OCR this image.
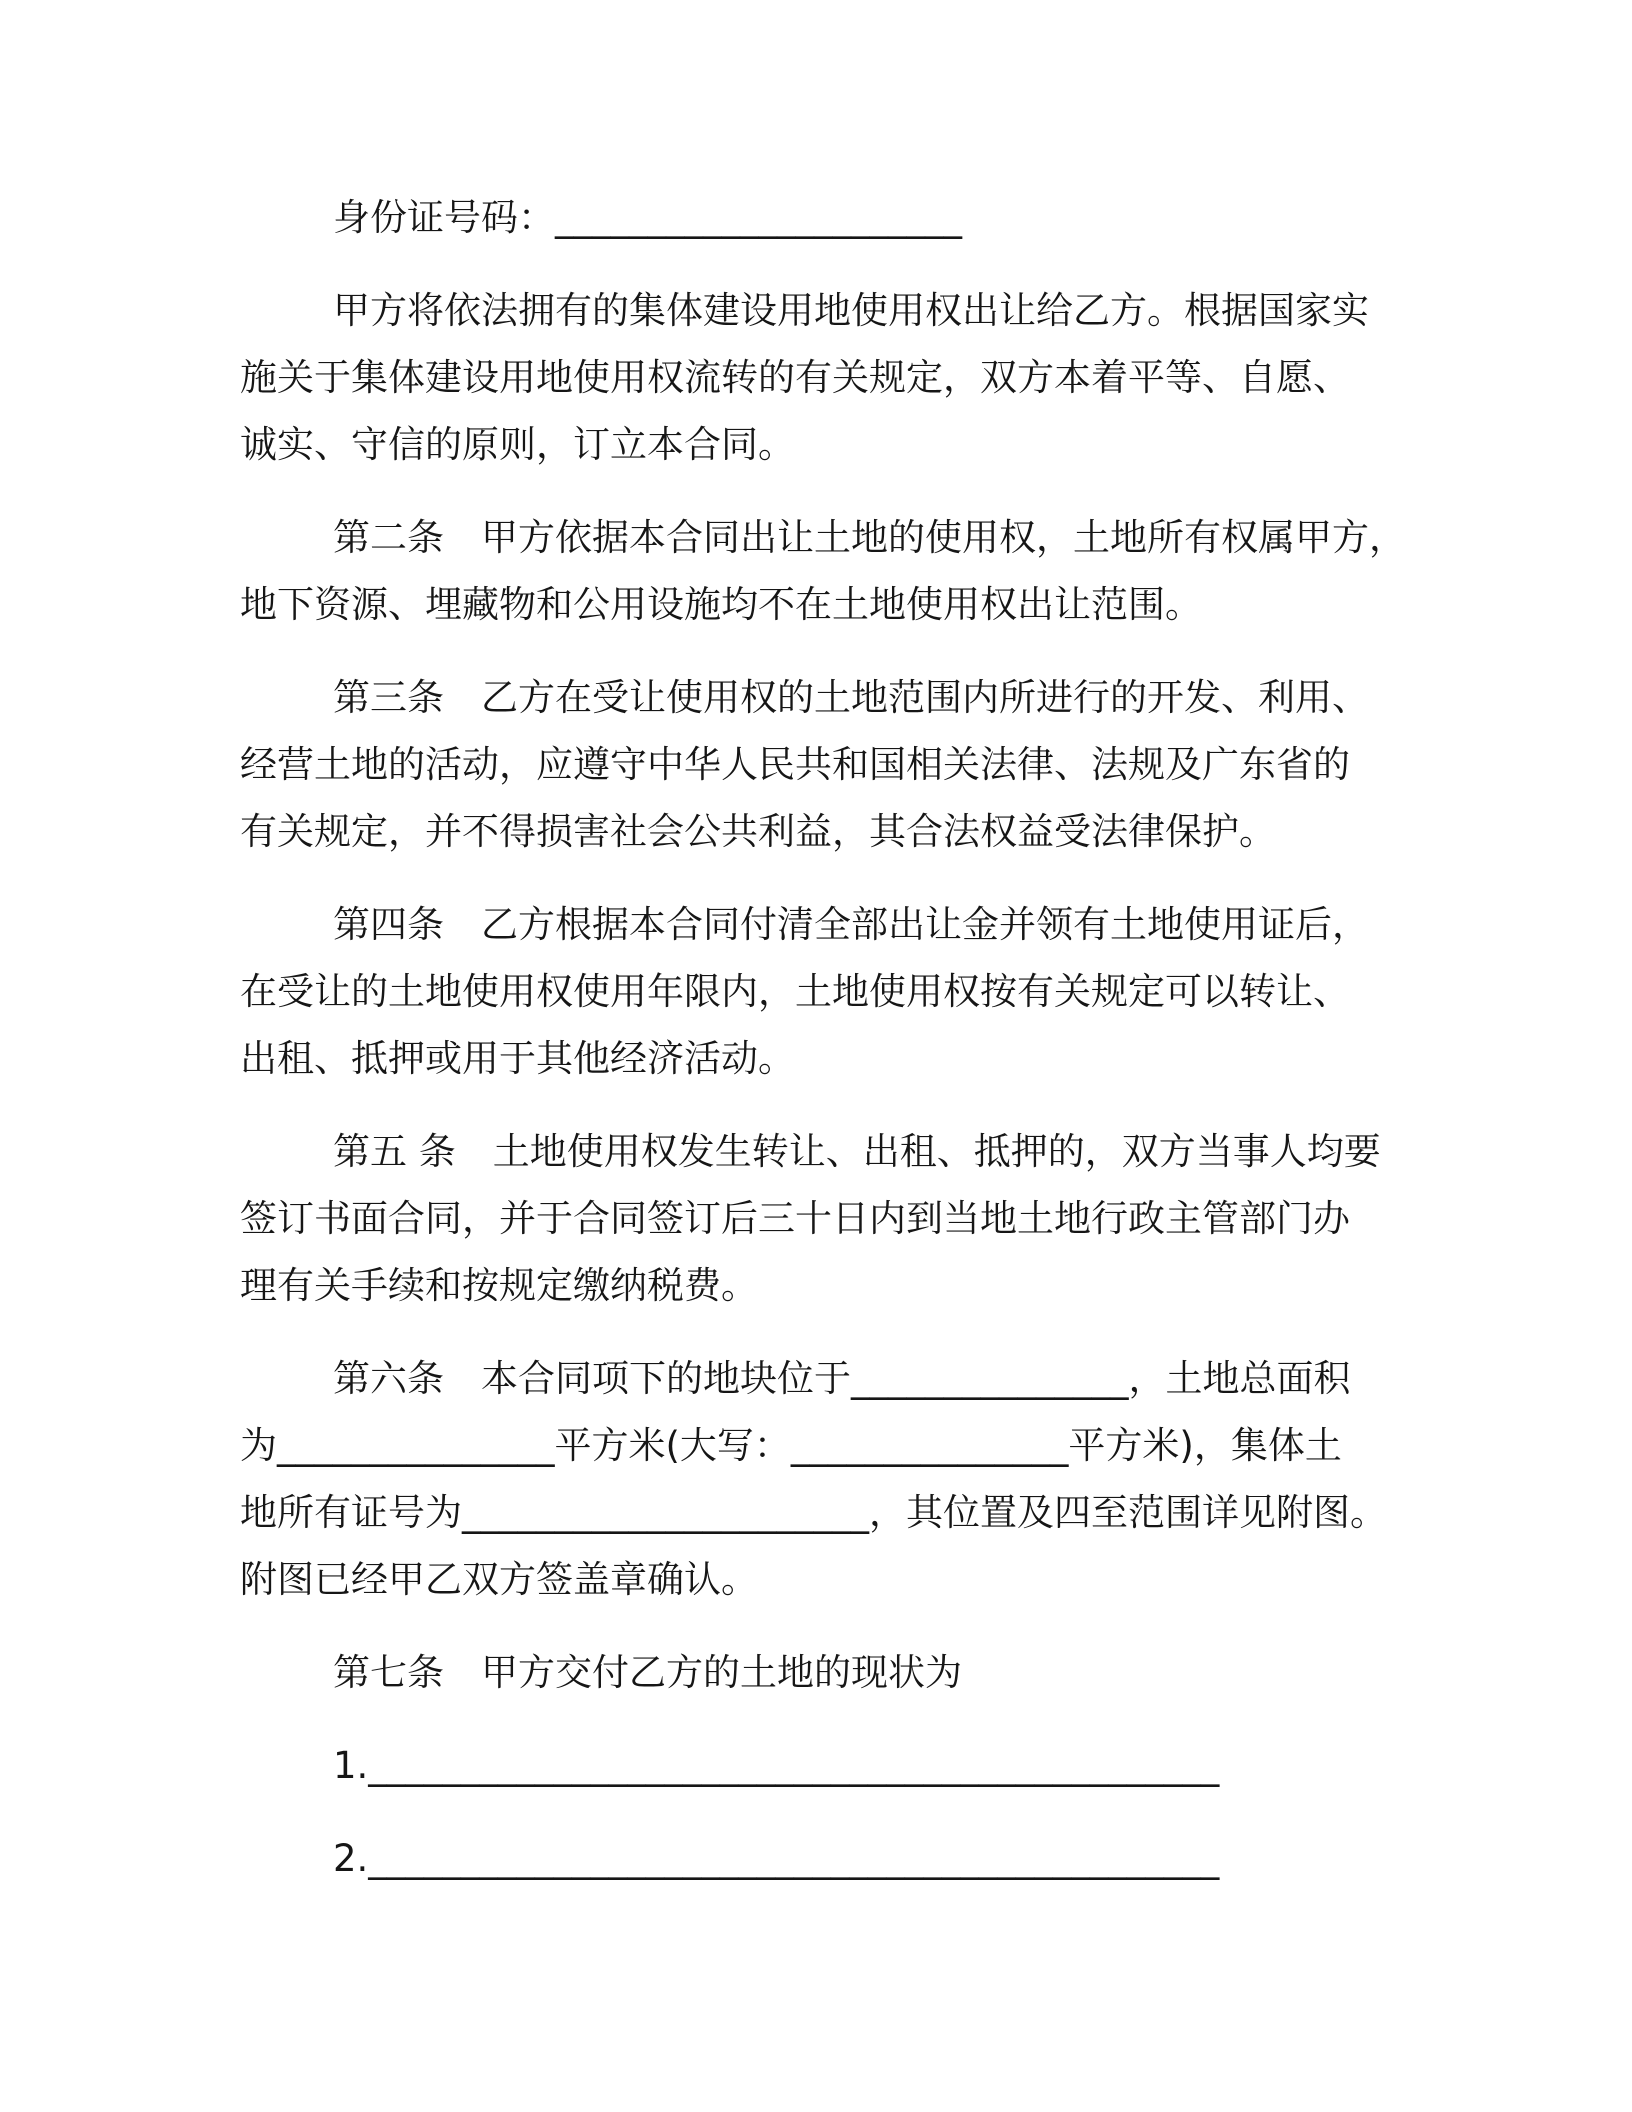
身份证号码：______________________
甲方将依法拥有的集体建设用地使用权出让给乙方。根据国家实
施关于集体建设用地使用权流转的有关规定，双方本着平等、自愿、
诚实、守信的原则，订立本合同。
第二条　甲方依据本合同出让土地的使用权，土地所有权属甲方，
地下资源、埋藏物和公用设施均不在土地使用权出让范围。
第三条　乙方在受让使用权的土地范围内所进行的开发、利用、
经营土地的活动，应遵守中华人民共和国相关法律、法规及广东省的
有关规定，并不得损害社会公共利益，其合法权益受法律保护。
第四条　乙方根据本合同付清全部出让金并领有土地使用证后，
在受让的土地使用权使用年限内，土地使用权按有关规定可以转让、
出租、抵押或用于其他经济活动。
第五 条　土地使用权发生转让、出租、抵押的，双方当事人均要
签订书面合同，并于合同签订后三十日内到当地土地行政主管部门办
理有关手续和按规定缴纳税费。
第六条　本合同项下的地块位于_______________，土地总面积
为_______________平方米(大写：_______________平方米)，集体土
地所有证号为______________________，其位置及四至范围详见附图。
附图已经甲乙双方签盖章确认。
第七条　甲方交付乙方的土地的现状为
1.______________________________________________
2.______________________________________________
